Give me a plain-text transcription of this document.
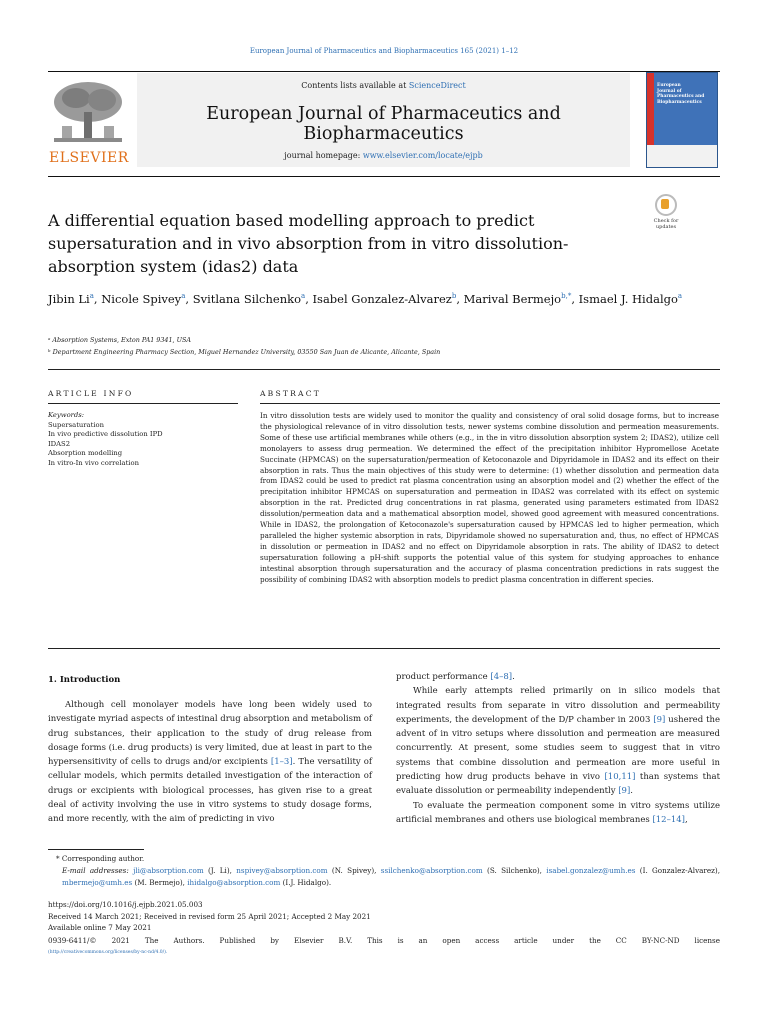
European Journal of Pharmaceutics and Biopharmaceutics 165 (2021) 1–12
Contents lists available at ScienceDirect
European Journal of Pharmaceutics and Biopharmaceutics
journal homepage: www.elsevier.com/locate/ejpb
ELSEVIER
European
Journal of
Pharmaceutics and
Biopharmaceutics
Check for updates
A differential equation based modelling approach to predict supersaturation and in vivo absorption from in vitro dissolution-absorption system (idas2) data
Jibin Li$^a$, Nicole Spivey$^a$, Svitlana Silchenko$^a$, Isabel Gonzalez-Alvarez$^b$, Marival Bermejo$^{b,*}$, Ismael J. Hidalgo$^a$
ᵃ Absorption Systems, Exton PA1 9341, USA
ᵇ Department Engineering Pharmacy Section, Miguel Hernandez University, 03550 San Juan de Alicante, Alicante, Spain
ARTICLE INFO	ABSTRACT
Keywords:
Supersaturation
In vivo predictive dissolution IPD
IDAS2
Absorption modelling
In vitro-In vivo correlation
In vitro dissolution tests are widely used to monitor the quality and consistency of oral solid dosage forms, but to increase the physiological relevance of in vitro dissolution tests, newer systems combine dissolution and permeation measurements. Some of these use artificial membranes while others (e.g., in the in vitro dissolution absorption system 2; IDAS2), utilize cell monolayers to assess drug permeation. We determined the effect of the precipitation inhibitor Hypromellose Acetate Succinate (HPMCAS) on the supersaturation/permeation of Ketoconazole and Dipyridamole in IDAS2 and its effect on their absorption in rats. Thus the main objectives of this study were to determine: (1) whether dissolution and permeation data from IDAS2 could be used to predict rat plasma concentration using an absorption model and (2) whether the effect of the precipitation inhibitor HPMCAS on supersaturation and permeation in IDAS2 was correlated with its effect on systemic absorption in the rat. Predicted drug concentrations in rat plasma, generated using parameters estimated from IDAS2 dissolution/permeation data and a mathematical absorption model, showed good agreement with measured concentrations. While in IDAS2, the prolongation of Ketoconazole's supersaturation caused by HPMCAS led to higher permeation, which paralleled the higher systemic absorption in rats, Dipyridamole showed no supersaturation and, thus, no effect of HPMCAS in dissolution or permeation in IDAS2 and no effect on Dipyridamole absorption in rats. The ability of IDAS2 to detect supersaturation following a pH-shift supports the potential value of this system for studying approaches to enhance intestinal absorption through supersaturation and the accuracy of plasma concentration predictions in rats suggest the possibility of combining IDAS2 with absorption models to predict plasma concentration in different species.
1. Introduction
Although cell monolayer models have long been widely used to investigate myriad aspects of intestinal drug absorption and metabolism of drug substances, their application to the study of drug release from dosage forms (i.e. drug products) is very limited, due at least in part to the hypersensitivity of cells to drugs and/or excipients [1–3]. The versatility of cellular models, which permits detailed investigation of the interaction of drugs or excipients with biological processes, has given rise to a great deal of activity involving the use in vitro systems to study dosage forms, and more recently, with the aim of predicting in vivo
product performance [4–8].
While early attempts relied primarily on in silico models that integrated results from separate in vitro dissolution and permeability experiments, the development of the D/P chamber in 2003 [9] ushered the advent of in vitro setups where dissolution and permeation are measured concurrently. At present, some studies seem to suggest that in vitro systems that combine dissolution and permeation are more useful in predicting how drug products behave in vivo [10,11] than systems that evaluate dissolution or permeability independently [9].
To evaluate the permeation component some in vitro systems utilize artificial membranes and others use biological membranes [12–14],
* Corresponding author.
E-mail addresses: jli@absorption.com (J. Li), nspivey@absorption.com (N. Spivey), ssilchenko@absorption.com (S. Silchenko), isabel.gonzalez@umh.es (I. Gonzalez-Alvarez), mbermejo@umh.es (M. Bermejo), ihidalgo@absorption.com (I.J. Hidalgo).
https://doi.org/10.1016/j.ejpb.2021.05.003
Received 14 March 2021; Received in revised form 25 April 2021; Accepted 2 May 2021
Available online 7 May 2021
0939-6411/© 2021 The Authors. Published by Elsevier B.V. This is an open access article under the CC BY-NC-ND license
(http://creativecommons.org/licenses/by-nc-nd/4.0/).
